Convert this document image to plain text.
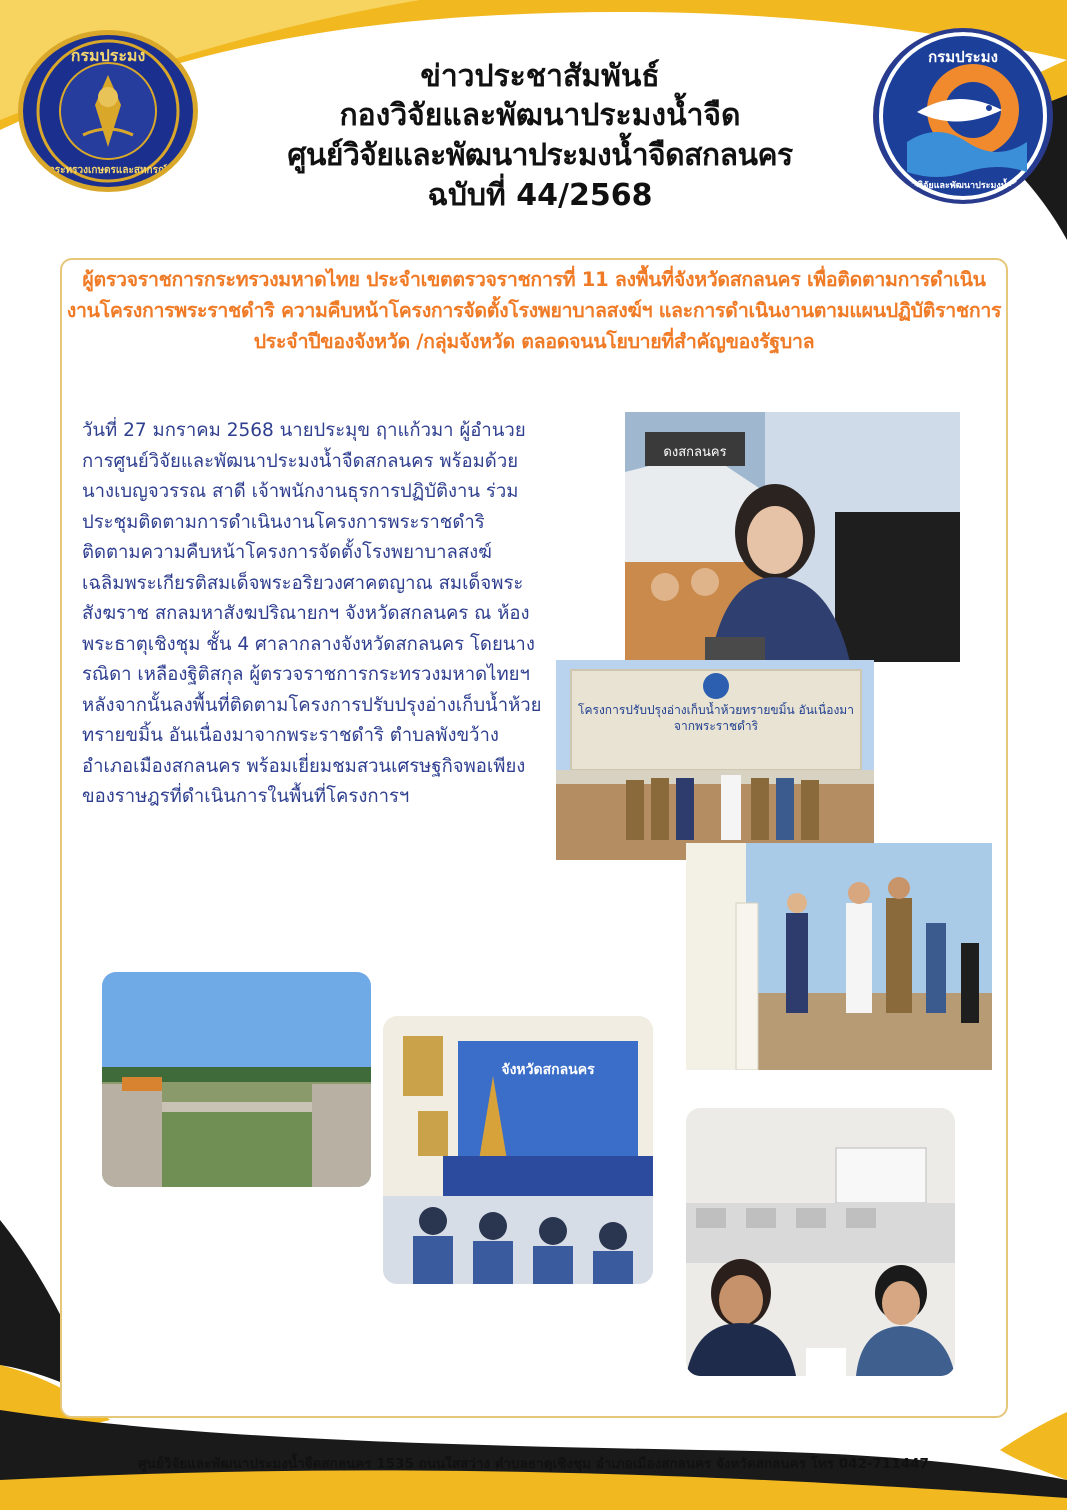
กรมประมง
กระทรวงเกษตรและสหกรณ์
กรมประมง
กองวิจัยและพัฒนาประมงน้ำจืด
ข่าวประชาสัมพันธ์
กองวิจัยและพัฒนาประมงน้ำจืด
ศูนย์วิจัยและพัฒนาประมงน้ำจืดสกลนคร
ฉบับที่ 44/2568
ผู้ตรวจราชการกระทรวงมหาดไทย ประจำเขตตรวจราชการที่ 11 ลงพื้นที่จังหวัดสกลนคร เพื่อติดตามการดำเนินงานโครงการพระราชดำริ ความคืบหน้าโครงการจัดตั้งโรงพยาบาลสงฆ์ฯ และการดำเนินงานตามแผนปฏิบัติราชการประจำปีของจังหวัด /กลุ่มจังหวัด ตลอดจนนโยบายที่สำคัญของรัฐบาล
วันที่ 27 มกราคม 2568 นายประมุข ฤาแก้วมา ผู้อำนวยการศูนย์วิจัยและพัฒนาประมงน้ำจืดสกลนคร พร้อมด้วยนางเบญจวรรณ สาดี เจ้าพนักงานธุรการปฏิบัติงาน ร่วมประชุมติดตามการดำเนินงานโครงการพระราชดำริ ติดตามความคืบหน้าโครงการจัดตั้งโรงพยาบาลสงฆ์ เฉลิมพระเกียรติสมเด็จพระอริยวงศาคตญาณ สมเด็จพระสังฆราช สกลมหาสังฆปริณายกฯ จังหวัดสกลนคร ณ ห้องพระธาตุเชิงชุม ชั้น 4 ศาลากลางจังหวัดสกลนคร โดยนางรณิดา เหลืองฐิติสกุล ผู้ตรวจราชการกระทรวงมหาดไทยฯ หลังจากนั้นลงพื้นที่ติดตามโครงการปรับปรุงอ่างเก็บน้ำห้วยทรายขมิ้น อันเนื่องมาจากพระราชดำริ ตำบลพังขว้าง อำเภอเมืองสกลนคร พร้อมเยี่ยมชมสวนเศรษฐกิจพอเพียง ของราษฎรที่ดำเนินการในพื้นที่โครงการฯ
ดงสกลนคร
โครงการปรับปรุงอ่างเก็บน้ำห้วยทรายขมิ้น อันเนื่องมาจากพระราชดำริ
จังหวัดสกลนคร
ศูนย์วิจัยและพัฒนาประมงน้ำจืดสกลนคร 1535 ถนนใสสว่าง ตำบลธาตุเชิงชุม อำเภอเมืองสกลนคร จังหวัดสกลนคร โทร 042-711447
